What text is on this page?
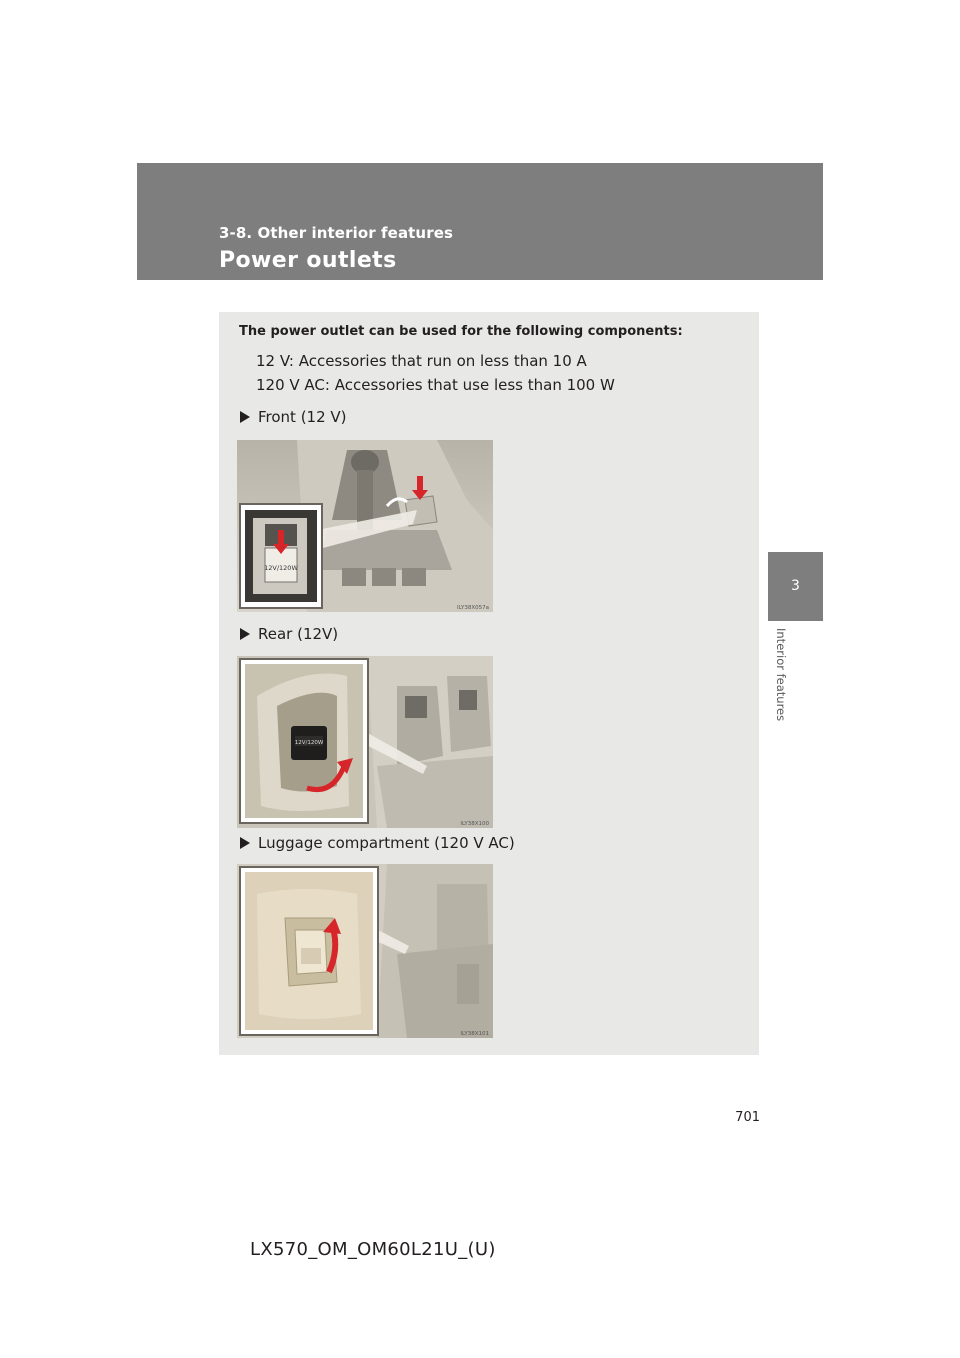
3-8. Other interior features
Power outlets
3
Interior features
The power outlet can be used for the following components:
12 V: Accessories that run on less than 10 A
120 V AC: Accessories that use less than 100 W
Front (12 V)
12V/120W
ILY38X057a
Rear (12V)
12V/120W
ILY38X100
Luggage compartment (120 V AC)
ILY38X101
701
LX570_OM_OM60L21U_(U)
